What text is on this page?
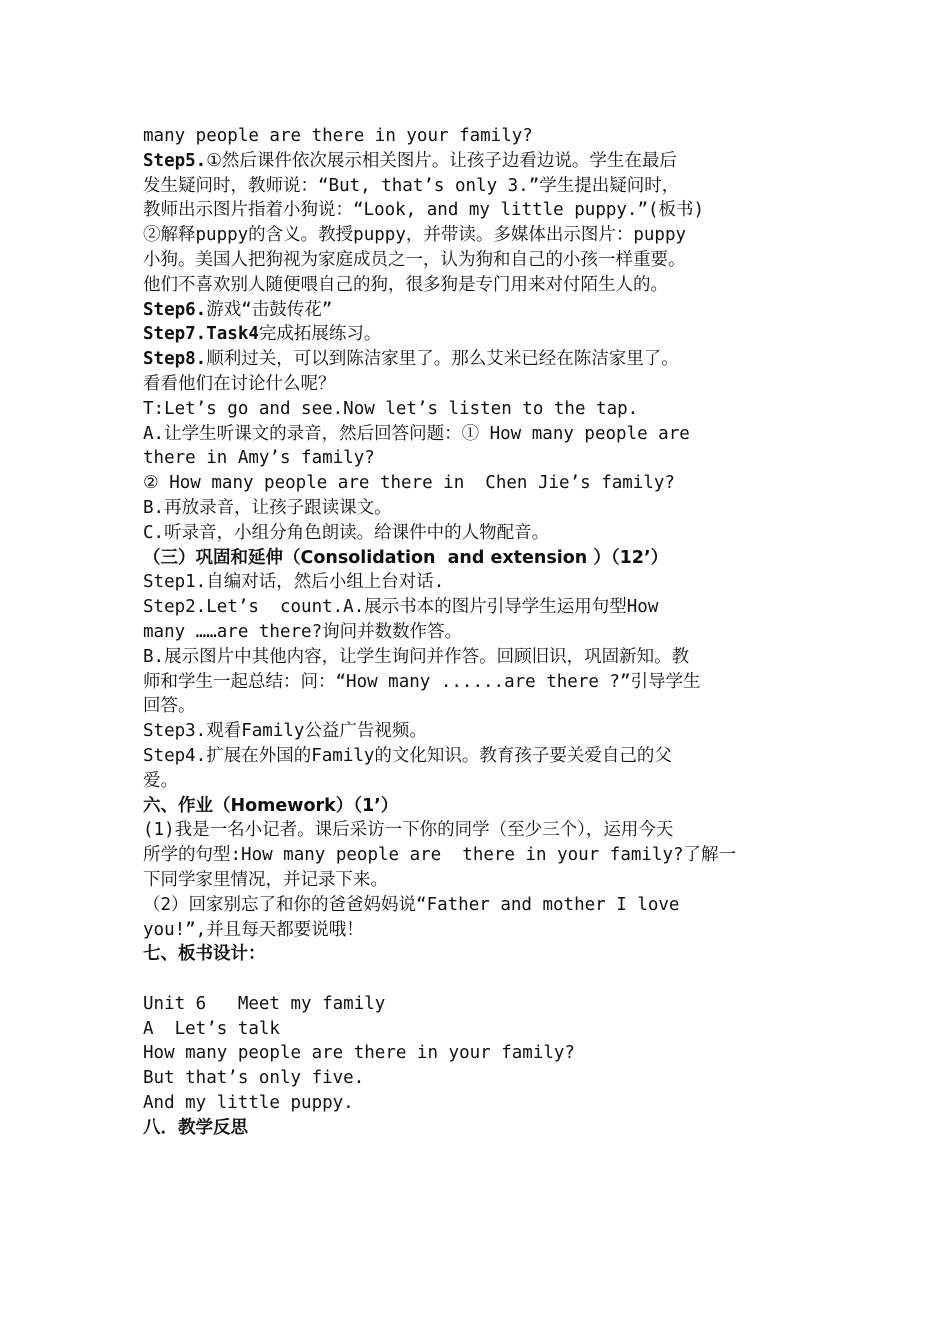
many people are there in your family?
Step5.①然后课件依次展示相关图片。让孩子边看边说。学生在最后
发生疑问时，教师说：“But, that’s only 3.”学生提出疑问时，
教师出示图片指着小狗说：“Look, and my little puppy.”(板书)
②解释puppy的含义。教授puppy，并带读。多媒体出示图片：puppy
小狗。美国人把狗视为家庭成员之一，认为狗和自己的小孩一样重要。
他们不喜欢别人随便喂自己的狗，很多狗是专门用来对付陌生人的。
Step6.游戏“击鼓传花”
Step7.Task4完成拓展练习。
Step8.顺利过关，可以到陈洁家里了。那么艾米已经在陈洁家里了。
看看他们在讨论什么呢？
T:Let’s go and see.Now let’s listen to the tap.
A.让学生听课文的录音，然后回答问题：① How many people are
there in Amy’s family?
② How many people are there in  Chen Jie’s family?
B.再放录音，让孩子跟读课文。
C.听录音，小组分角色朗读。给课件中的人物配音。
（三）巩固和延伸（Consolidation  and extension ）（12’）
Step1.自编对话，然后小组上台对话.
Step2.Let’s  count.A.展示书本的图片引导学生运用句型How
many ……are there?询问并数数作答。
B.展示图片中其他内容，让学生询问并作答。回顾旧识，巩固新知。教
师和学生一起总结：问：“How many ......are there ?”引导学生
回答。
Step3.观看Family公益广告视频。
Step4.扩展在外国的Family的文化知识。教育孩子要关爱自己的父
爱。
六、作业（Homework）（1’）
(1)我是一名小记者。课后采访一下你的同学（至少三个），运用今天
所学的句型:How many people are  there in your family?了解一
下同学家里情况，并记录下来。
（2）回家别忘了和你的爸爸妈妈说“Father and mother I love
you!”,并且每天都要说哦！
七、板书设计：
Unit 6   Meet my family
A  Let’s talk
How many people are there in your family?
But that’s only five.
And my little puppy.
八．教学反思
